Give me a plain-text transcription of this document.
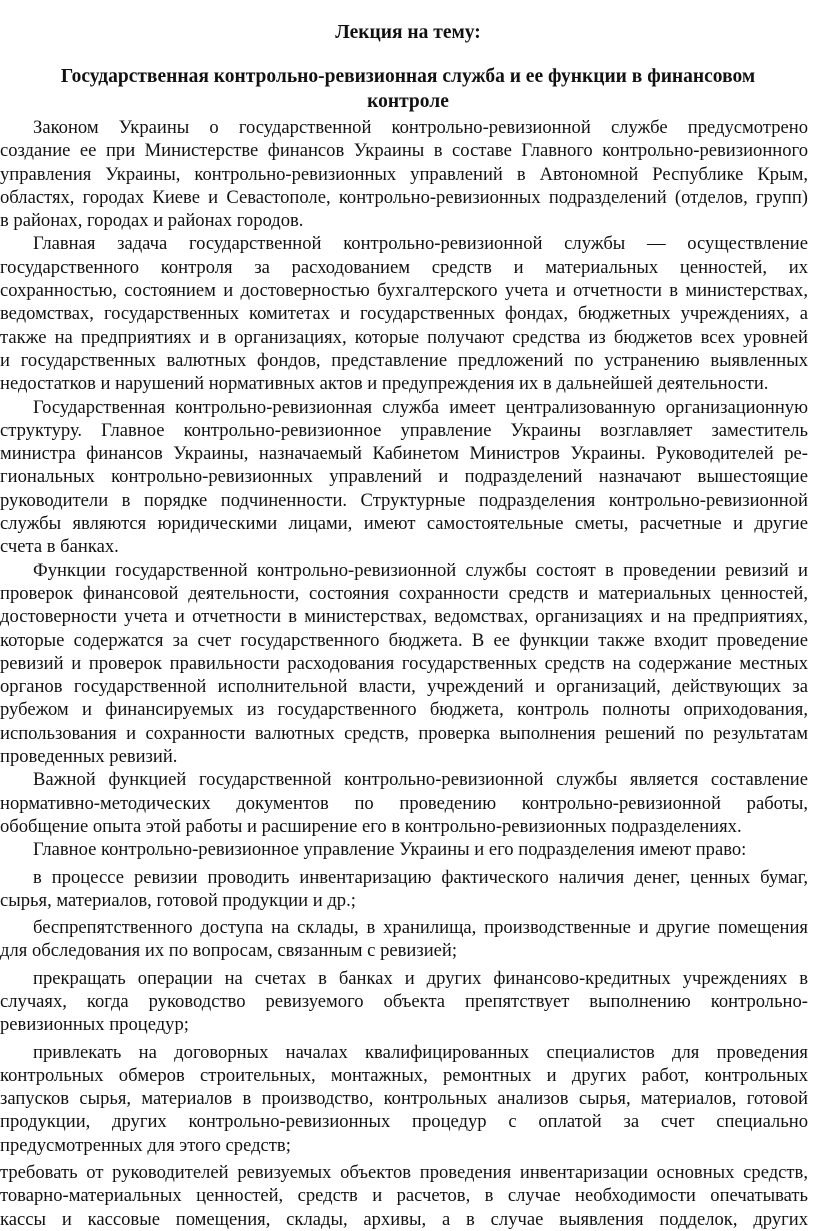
Лекция на тему:
Государственная контрольно-ревизионная служба и ее функции в финансовом
контроле

Законом Украины о государственной контрольно-ревизионной службе предусмотрено
создание ее при Министерстве финансов Украины в составе Главного контрольно-ревизионного
управления Украины, контрольно-ревизионных управлений в Автономной Республике Крым,
областях, городах Киеве и Севастополе, контрольно-ревизионных подразделений (отделов, групп)
в районах, городах и районах городов.

Главная задача государственной контрольно-ревизионной службы — осуществление
государственного контроля за расходованием средств и материальных ценностей, их
сохранностью, состоянием и достоверностью бухгалтерского учета и отчетности в министерствах,
ведомствах, государственных комитетах и государственных фондах, бюджетных учреждениях, а
также на предприятиях и в организациях, которые получают средства из бюджетов всех уровней
и государственных валютных фондов, представление предложений по устранению выявленных
недостатков и нарушений нормативных актов и предупреждения их в дальнейшей деятельности.

Государственная контрольно-ревизионная служба имеет централизованную организационную
структуру. Главное контрольно-ревизионное управление Украины возглавляет заместитель
министра финансов Украины, назначаемый Кабинетом Министров Украины. Руководителей ре-
гиональных контрольно-ревизионных управлений и подразделений назначают вышестоящие
руководители в порядке подчиненности. Структурные подразделения контрольно-ревизионной
службы являются юридическими лицами, имеют самостоятельные сметы, расчетные и другие
счета в банках.

Функции государственной контрольно-ревизионной службы состоят в проведении ревизий и
проверок финансовой деятельности, состояния сохранности средств и материальных ценностей,
достоверности учета и отчетности в министерствах, ведомствах, организациях и на предприятиях,
которые содержатся за счет государственного бюджета. В ее функции также входит проведение
ревизий и проверок правильности расходования государственных средств на содержание местных
органов государственной исполнительной власти, учреждений и организаций, действующих за
рубежом и финансируемых из государственного бюджета, контроль полноты оприходования,
использования и сохранности валютных средств, проверка выполнения решений по результатам
проведенных ревизий.

Важной функцией государственной контрольно-ревизионной службы является составление
нормативно-методических документов по проведению контрольно-ревизионной работы,
обобщение опыта этой работы и расширение его в контрольно-ревизионных подразделениях.

Главное контрольно-ревизионное управление Украины и его подразделения имеют право:

в процессе ревизии проводить инвентаризацию фактического наличия денег, ценных бумаг,
сырья, материалов, готовой продукции и др.;

беспрепятственного доступа на склады, в хранилища, производственные и другие помещения
для обследования их по вопросам, связанным с ревизией;

прекращать операции на счетах в банках и других финансово-кредитных учреждениях в
случаях, когда руководство ревизуемого объекта препятствует выполнению контрольно-
ревизионных процедур;

привлекать на договорных началах квалифицированных специалистов для проведения
контрольных обмеров строительных, монтажных, ремонтных и других работ, контрольных
запусков сырья, материалов в производство, контрольных анализов сырья, материалов, готовой
продукции, других контрольно-ревизионных процедур с оплатой за счет специально
предусмотренных для этого средств;

требовать от руководителей ревизуемых объектов проведения инвентаризации основных средств,
товарно-материальных ценностей, средств и расчетов, в случае необходимости опечатывать
кассы и кассовые помещения, склады, архивы, а в случае выявления подделок, других
